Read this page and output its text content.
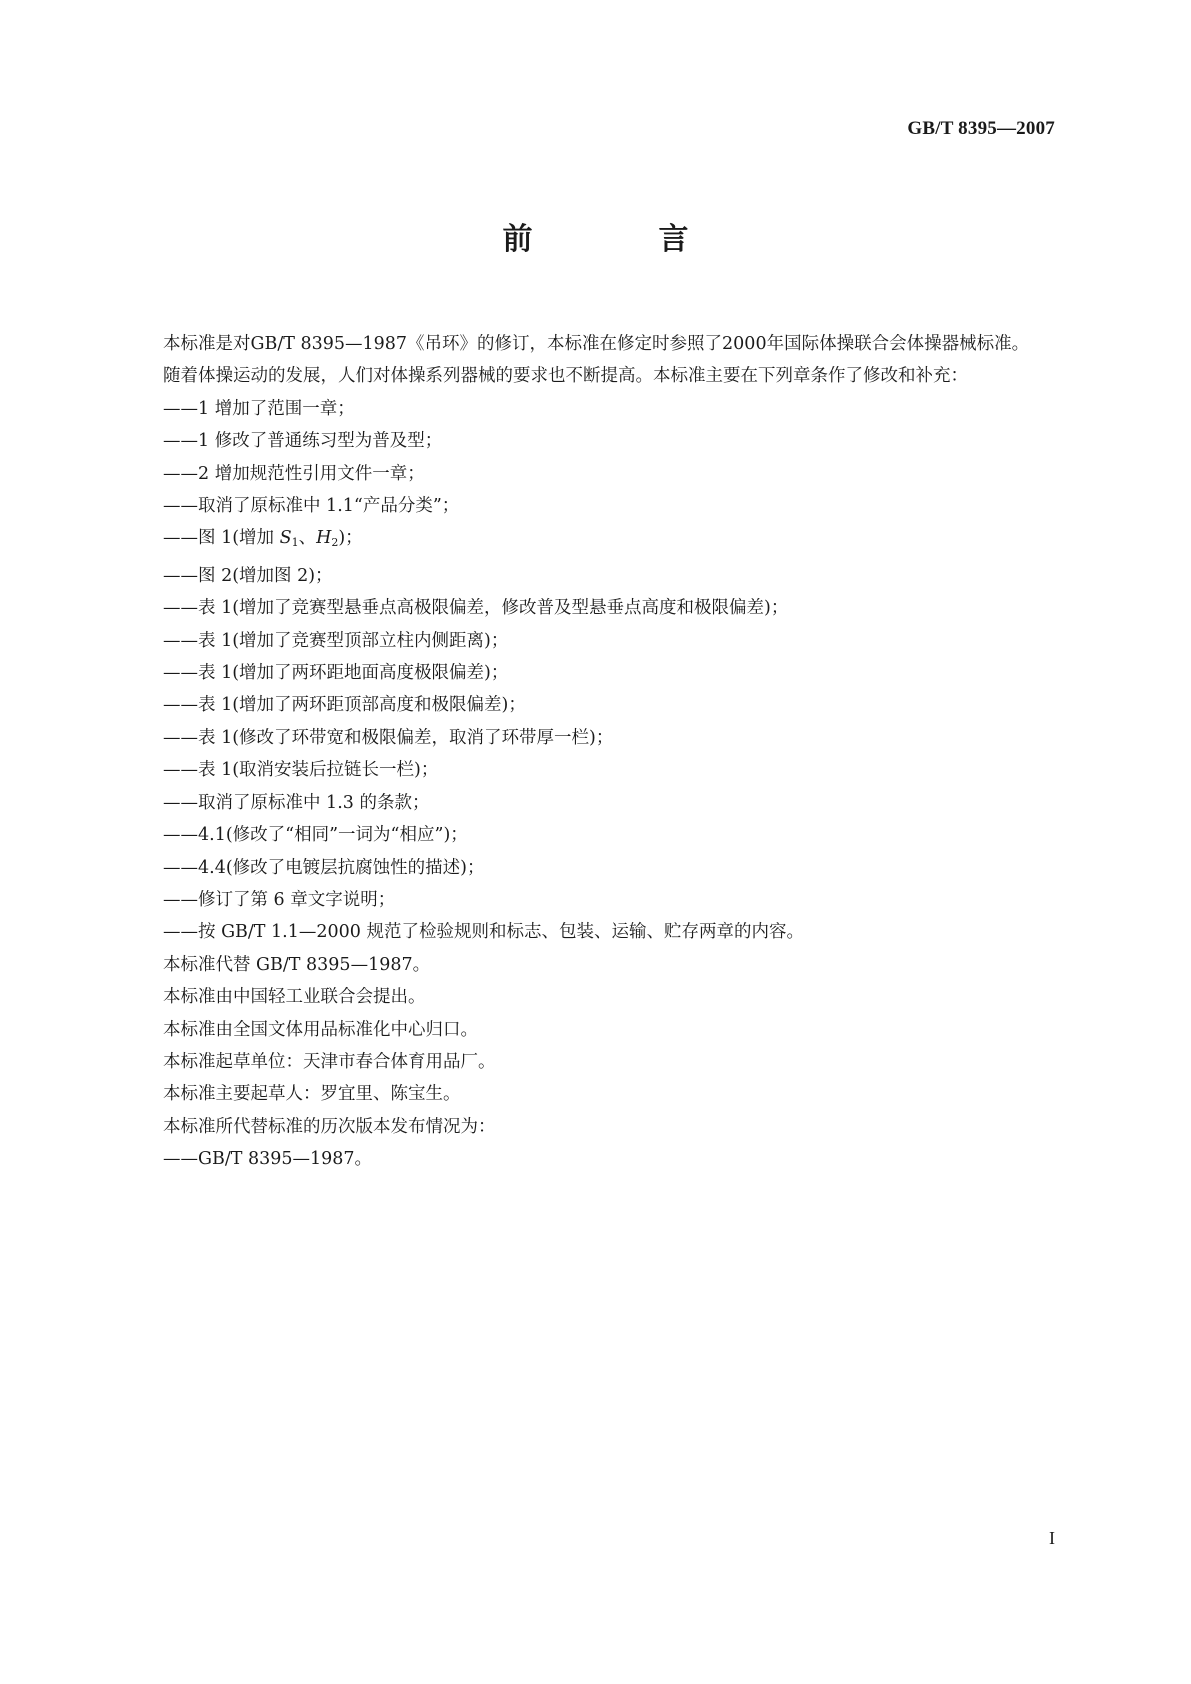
GB/T 8395—2007
前　言

本标准是对GB/T 8395—1987《吊环》的修订，本标准在修定时参照了2000年国际体操联合会体操器械标准。

随着体操运动的发展，人们对体操系列器械的要求也不断提高。本标准主要在下列章条作了修改和补充：

——1 增加了范围一章；

——1 修改了普通练习型为普及型；

——2 增加规范性引用文件一章；

——取消了原标准中 1.1“产品分类”；

——图 1(增加 $S_1$、$H_2$)；

——图 2(增加图 2)；

——表 1(增加了竞赛型悬垂点高极限偏差，修改普及型悬垂点高度和极限偏差)；

——表 1(增加了竞赛型顶部立柱内侧距离)；

——表 1(增加了两环距地面高度极限偏差)；

——表 1(增加了两环距顶部高度和极限偏差)；

——表 1(修改了环带宽和极限偏差，取消了环带厚一栏)；

——表 1(取消安装后拉链长一栏)；

——取消了原标准中 1.3 的条款；

——4.1(修改了“相同”一词为“相应”)；

——4.4(修改了电镀层抗腐蚀性的描述)；

——修订了第 6 章文字说明；

——按 GB/T 1.1—2000 规范了检验规则和标志、包装、运输、贮存两章的内容。

本标准代替 GB/T 8395—1987。

本标准由中国轻工业联合会提出。

本标准由全国文体用品标准化中心归口。

本标准起草单位：天津市春合体育用品厂。

本标准主要起草人：罗宜里、陈宝生。

本标准所代替标准的历次版本发布情况为：

——GB/T 8395—1987。

I
